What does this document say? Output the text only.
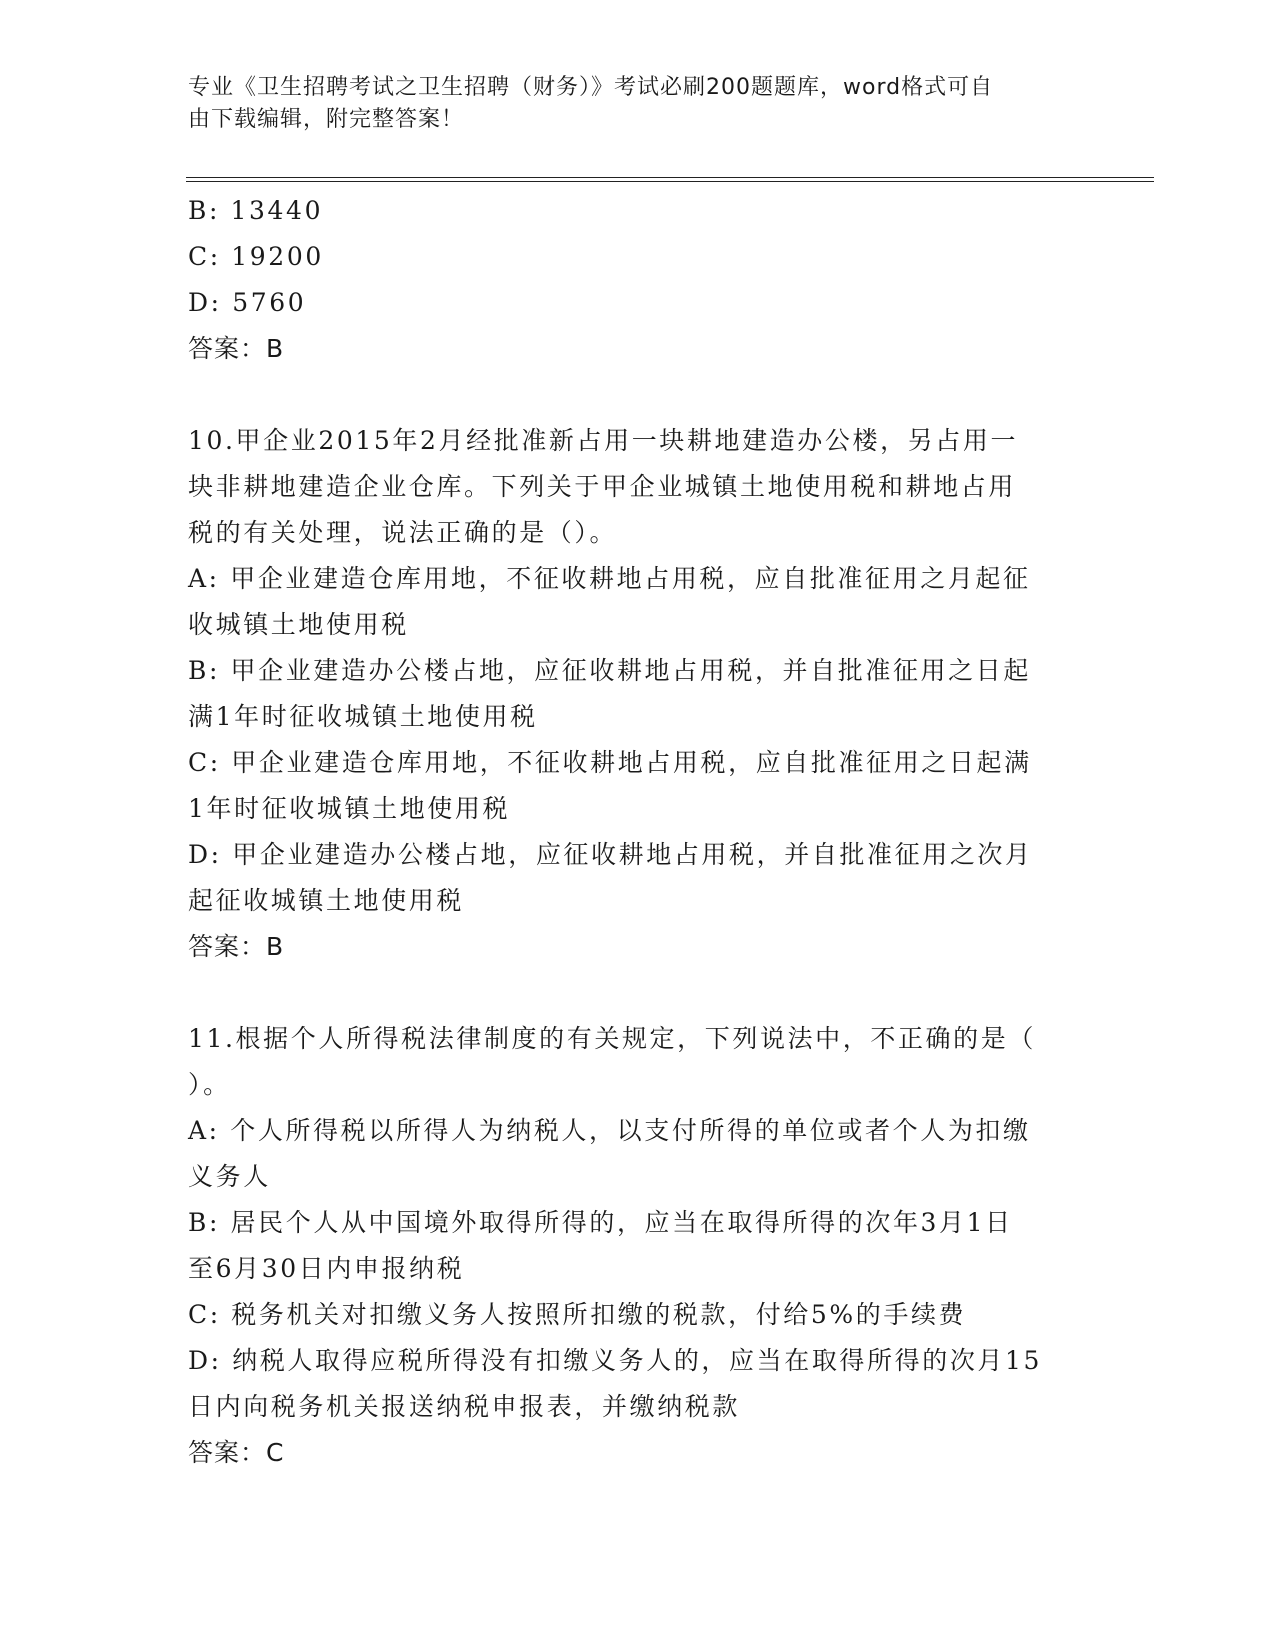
专业《卫生招聘考试之卫生招聘（财务）》考试必刷200题题库，word格式可自
由下载编辑，附完整答案！
B: 13440
C: 19200
D: 5760
答案：B
10.甲企业2015年2月经批准新占用一块耕地建造办公楼，另占用一
块非耕地建造企业仓库。下列关于甲企业城镇土地使用税和耕地占用
税的有关处理，说法正确的是（）。
A: 甲企业建造仓库用地，不征收耕地占用税，应自批准征用之月起征
收城镇土地使用税
B: 甲企业建造办公楼占地，应征收耕地占用税，并自批准征用之日起
满1年时征收城镇土地使用税
C: 甲企业建造仓库用地，不征收耕地占用税，应自批准征用之日起满
1年时征收城镇土地使用税
D: 甲企业建造办公楼占地，应征收耕地占用税，并自批准征用之次月
起征收城镇土地使用税
答案：B
11.根据个人所得税法律制度的有关规定，下列说法中，不正确的是（
）。
A: 个人所得税以所得人为纳税人，以支付所得的单位或者个人为扣缴
义务人
B: 居民个人从中国境外取得所得的，应当在取得所得的次年3月1日
至6月30日内申报纳税
C: 税务机关对扣缴义务人按照所扣缴的税款，付给5%的手续费
D: 纳税人取得应税所得没有扣缴义务人的，应当在取得所得的次月15
日内向税务机关报送纳税申报表，并缴纳税款
答案：C
